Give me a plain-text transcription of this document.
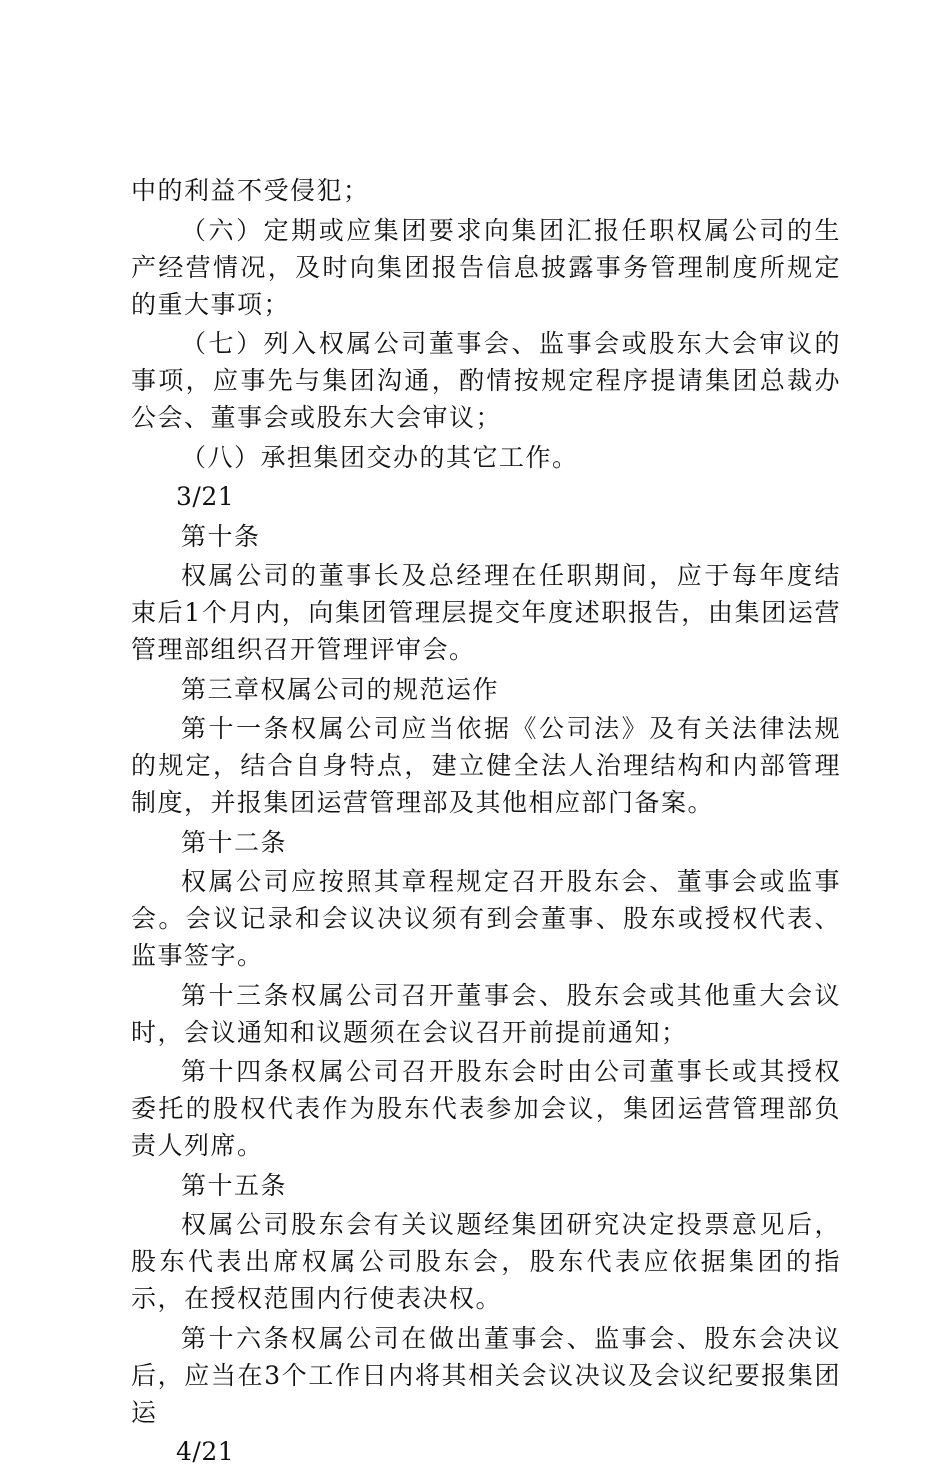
中的利益不受侵犯；

（六）定期或应集团要求向集团汇报任职权属公司的生产经营情况，及时向集团报告信息披露事务管理制度所规定的重大事项；

（七）列入权属公司董事会、监事会或股东大会审议的事项，应事先与集团沟通，酌情按规定程序提请集团总裁办公会、董事会或股东大会审议；

（八）承担集团交办的其它工作。

3/21

第十条

权属公司的董事长及总经理在任职期间，应于每年度结束后1个月内，向集团管理层提交年度述职报告，由集团运营管理部组织召开管理评审会。

第三章权属公司的规范运作

第十一条权属公司应当依据《公司法》及有关法律法规的规定，结合自身特点，建立健全法人治理结构和内部管理制度，并报集团运营管理部及其他相应部门备案。

第十二条

权属公司应按照其章程规定召开股东会、董事会或监事会。会议记录和会议决议须有到会董事、股东或授权代表、监事签字。

第十三条权属公司召开董事会、股东会或其他重大会议时，会议通知和议题须在会议召开前提前通知；

第十四条权属公司召开股东会时由公司董事长或其授权委托的股权代表作为股东代表参加会议，集团运营管理部负责人列席。

第十五条

权属公司股东会有关议题经集团研究决定投票意见后，股东代表出席权属公司股东会，股东代表应依据集团的指示，在授权范围内行使表决权。

第十六条权属公司在做出董事会、监事会、股东会决议后，应当在3个工作日内将其相关会议决议及会议纪要报集团运

4/21
